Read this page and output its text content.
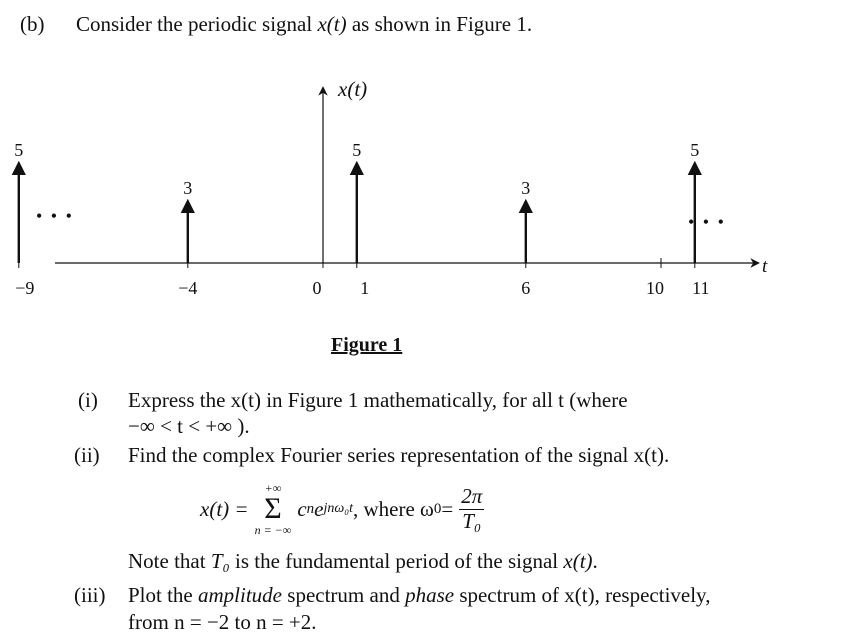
(b) Consider the periodic signal x(t) as shown in Figure 1.
−9	−4	0 1	6	10 11
5
3
5
3
5
x(t)
t
• • •	• • •
Figure 1
(i) Express the x(t) in Figure 1 mathematically, for all t (where
−∞ < t < +∞ ).
(ii) Find the complex Fourier series representation of the signal x(t).
x(t) =
+∞
Σ
n = −∞
c n e jnω₀t , where ω $0 = \frac{2\pi}{\text{T₀}}$
Note that T₀ is the fundamental period of the signal x(t).
(iii) Plot the amplitude spectrum and phase spectrum of x(t), respectively,
from n = −2 to n = +2.
